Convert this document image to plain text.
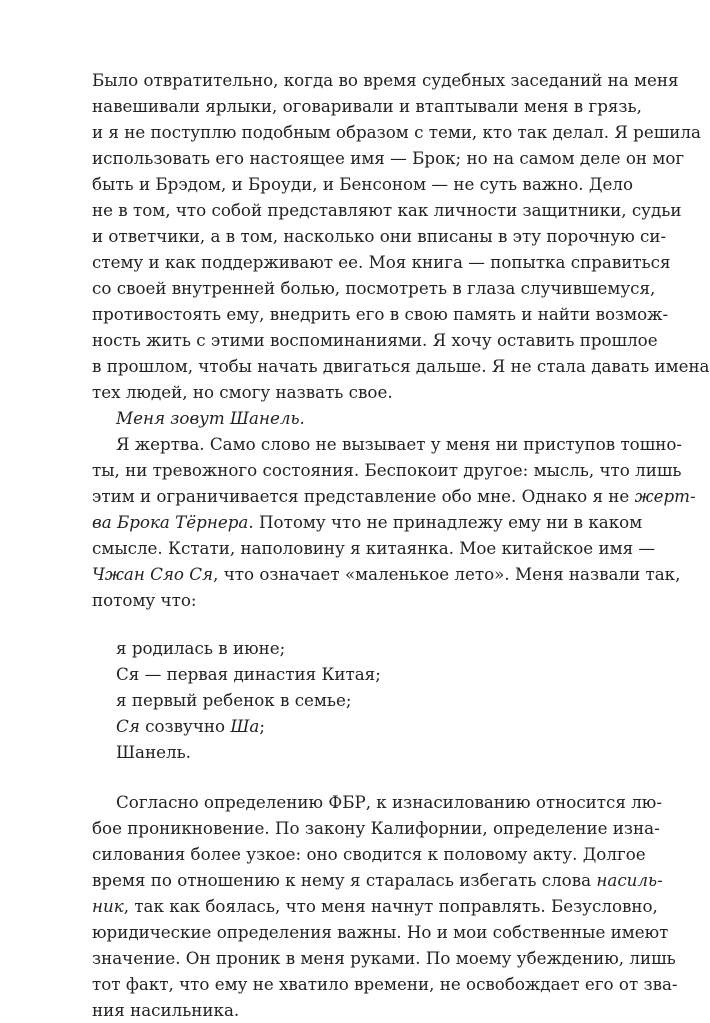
я родилась в июне;
Ся — первая династия Китая;
я первый ребенок в семье;
Ся созвучно Ша;
Шанель.
Было отвратительно, когда во время судебных заседаний на меня
навешивали ярлыки, оговаривали и втаптывали меня в грязь,
и я не поступлю подобным образом с теми, кто так делал. Я решила
использовать его настоящее имя — Брок; но на самом деле он мог
быть и Брэдом, и Броуди, и Бенсоном — не суть важно. Дело
не в том, что собой представляют как личности защитники, судьи
и ответчики, а в том, насколько они вписаны в эту порочную си-
стему и как поддерживают ее. Моя книга — попытка справиться
со своей внутренней болью, посмотреть в глаза случившемуся,
противостоять ему, внедрить его в свою память и найти возмож-
ность жить с этими воспоминаниями. Я хочу оставить прошлое
в прошлом, чтобы начать двигаться дальше. Я не стала давать имена
тех людей, но смогу назвать свое.
Меня зовут Шанель.
Я жертва. Само слово не вызывает у меня ни приступов тошно-
ты, ни тревожного состояния. Беспокоит другое: мысль, что лишь
этим и ограничивается представление обо мне. Однако я не жерт-
ва Брока Тёрнера. Потому что не принадлежу ему ни в каком
смысле. Кстати, наполовину я китаянка. Мое китайское имя —
Чжан Сяо Ся, что означает «маленькое лето». Меня назвали так,
потому что:
Согласно определению ФБР, к изнасилованию относится лю-
бое проникновение. По закону Калифорнии, определение изна-
силования более узкое: оно сводится к половому акту. Долгое
время по отношению к нему я старалась избегать слова насиль-
ник, так как боялась, что меня начнут поправлять. Безусловно,
юридические определения важны. Но и мои собственные имеют
значение. Он проник в меня руками. По моему убеждению, лишь
тот факт, что ему не хватило времени, не освобождает его от зва-
ния насильника.
